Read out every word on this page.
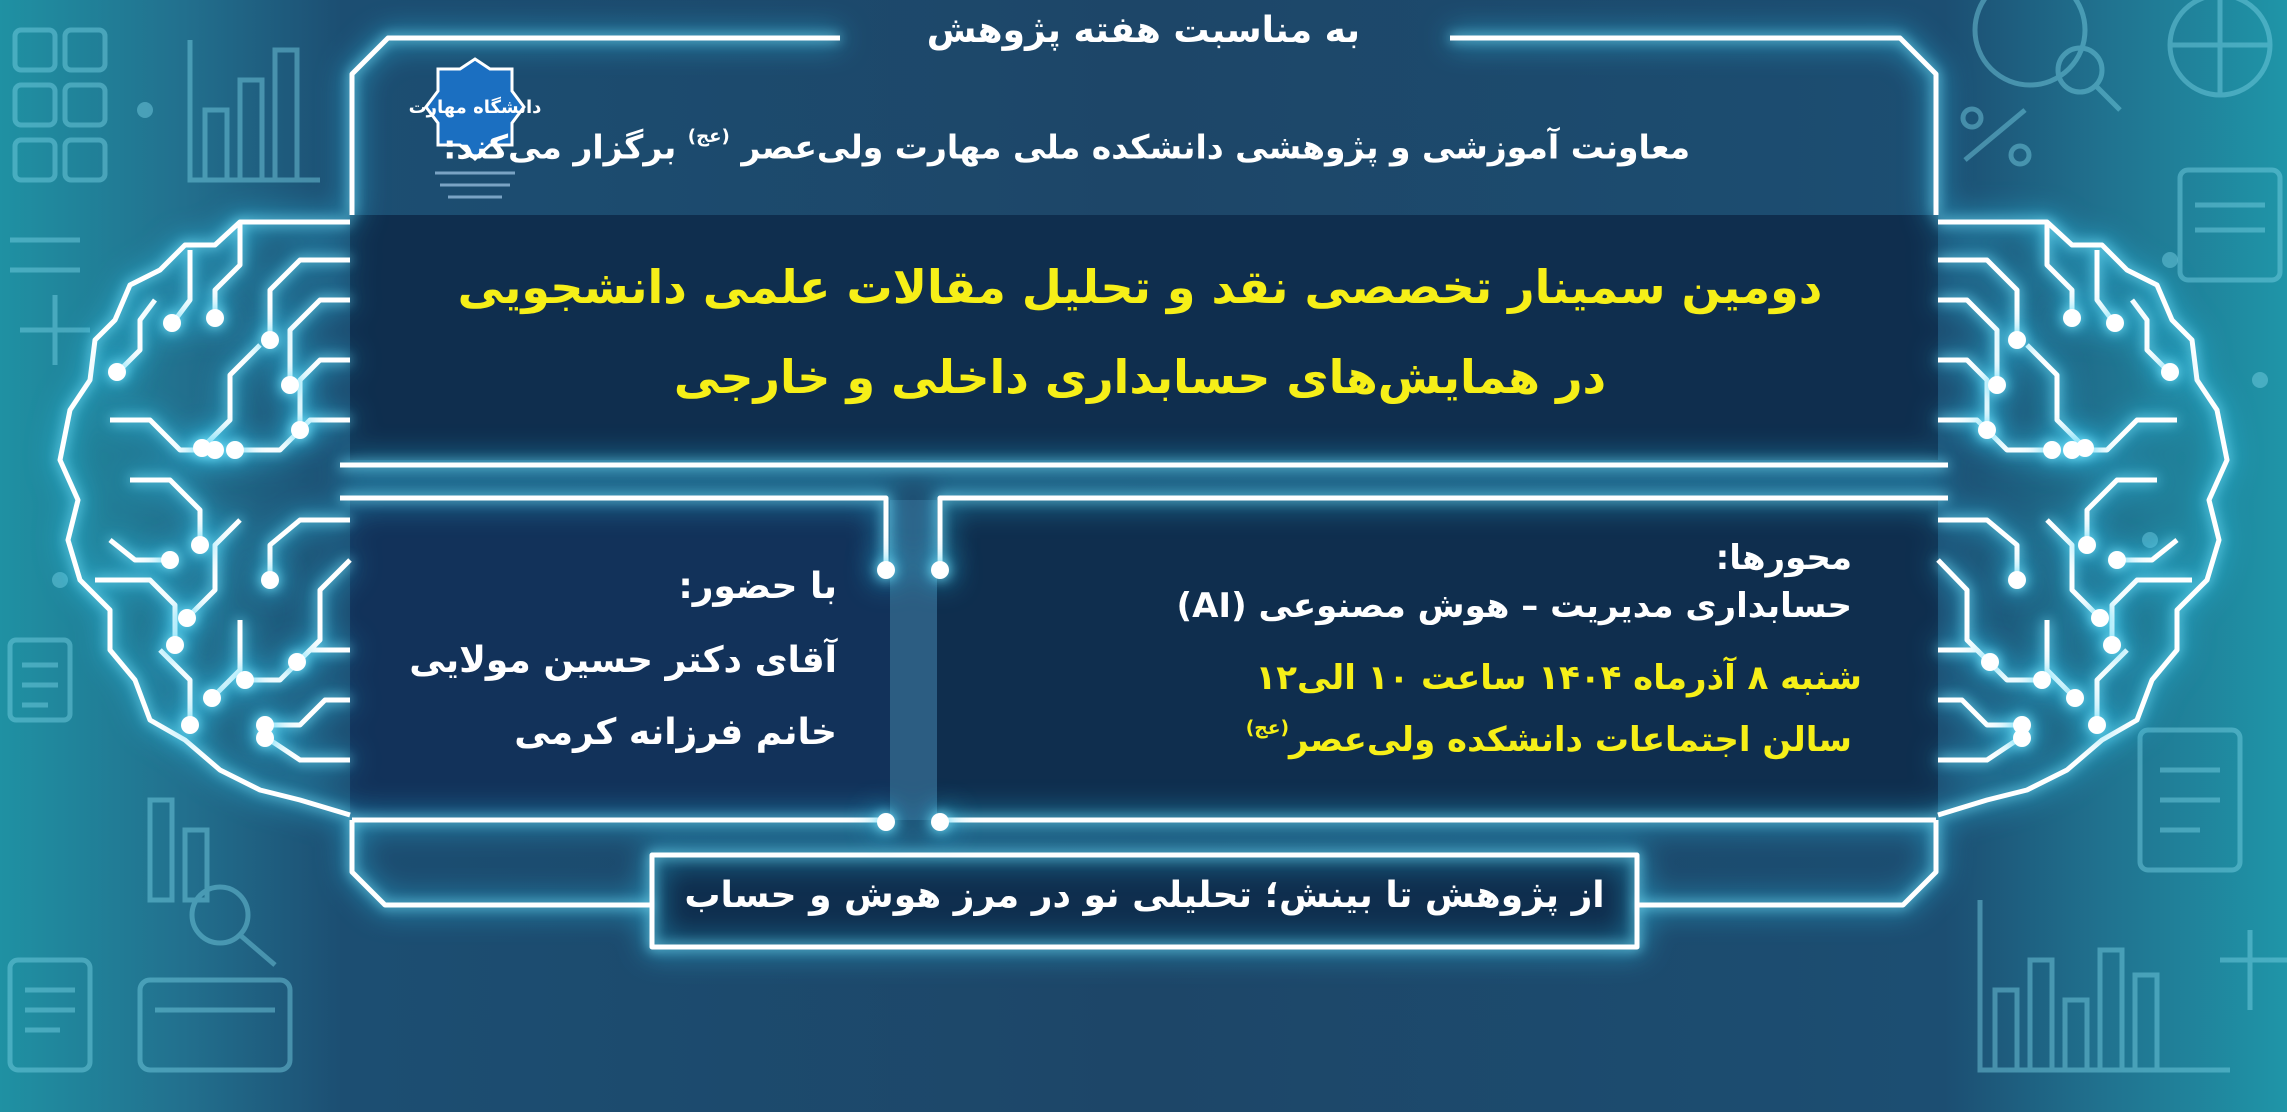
دانشگاه مهارت

به مناسبت هفته پژوهش

معاونت آموزشی و پژوهشی دانشکده ملی مهارت ولی‌عصر $^{(عج)}$ برگزار می‌کند:

دومین سمینار تخصصی نقد و تحلیل مقالات علمی دانشجویی

در همایش‌های حسابداری داخلی و خارجی

محورها:

حسابداری مدیریت – هوش مصنوعی (AI)

شنبه ۸ آذرماه ۱۴۰۴ ساعت ۱۰ الی۱۲

سالن اجتماعات دانشکده ولی‌عصر$^{(عج)}$

با حضور:

آقای دکتر حسین مولایی

خانم فرزانه کرمی

از پژوهش تا بینش؛ تحلیلی نو در مرز هوش و حساب
